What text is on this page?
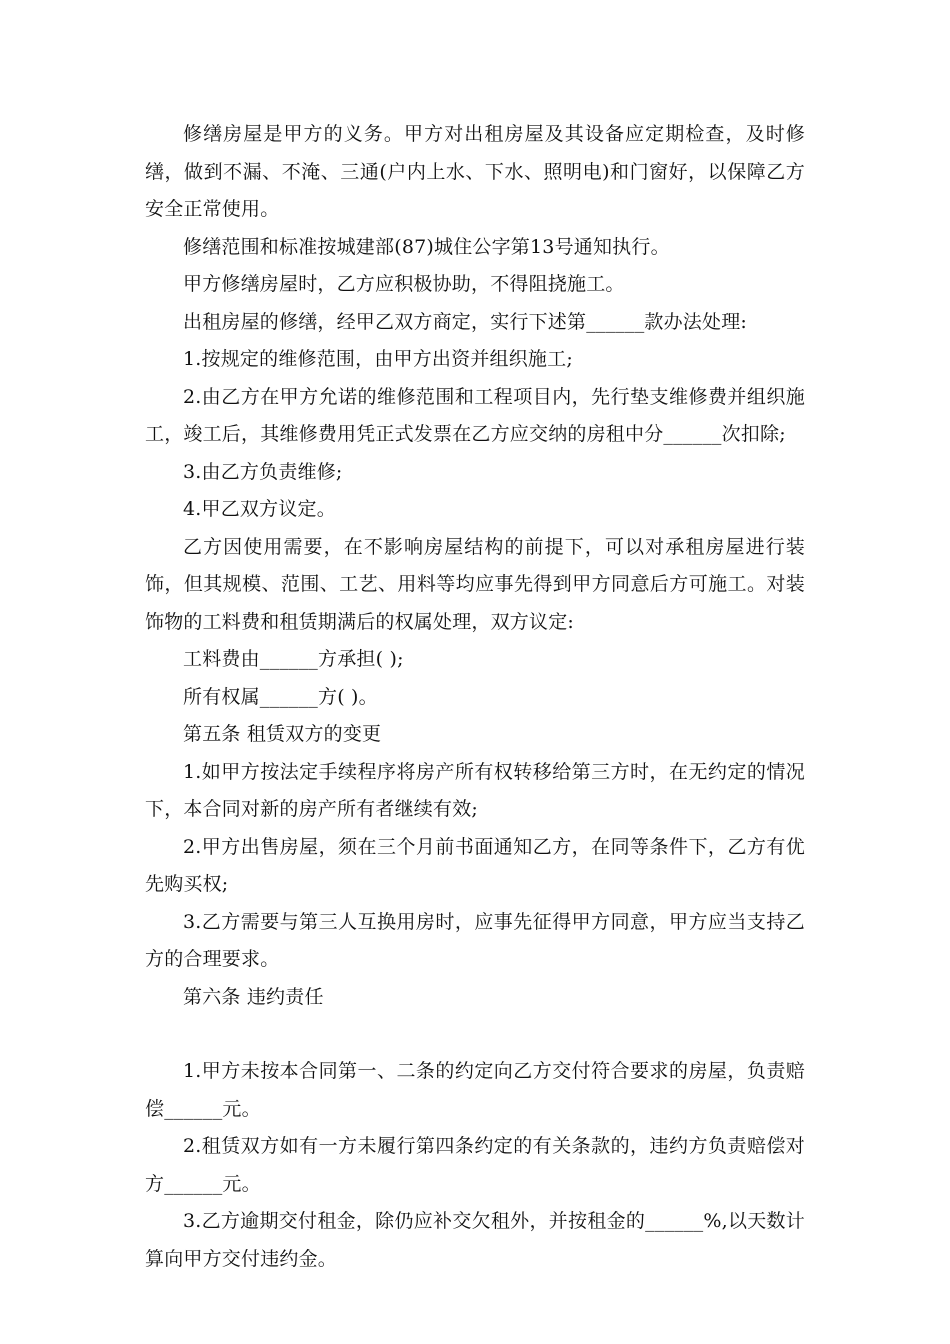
修缮房屋是甲方的义务。甲方对出租房屋及其设备应定期检查，及时修缮，做到不漏、不淹、三通(户内上水、下水、照明电)和门窗好，以保障乙方安全正常使用。

修缮范围和标准按城建部(87)城住公字第13号通知执行。

甲方修缮房屋时，乙方应积极协助，不得阻挠施工。

出租房屋的修缮，经甲乙双方商定，实行下述第______款办法处理:

1.按规定的维修范围，由甲方出资并组织施工;

2.由乙方在甲方允诺的维修范围和工程项目内，先行垫支维修费并组织施工，竣工后，其维修费用凭正式发票在乙方应交纳的房租中分______次扣除;

3.由乙方负责维修;

4.甲乙双方议定。

乙方因使用需要，在不影响房屋结构的前提下，可以对承租房屋进行装饰，但其规模、范围、工艺、用料等均应事先得到甲方同意后方可施工。对装饰物的工料费和租赁期满后的权属处理，双方议定:

工料费由______方承担( );

所有权属______方( )。

第五条 租赁双方的变更

1.如甲方按法定手续程序将房产所有权转移给第三方时，在无约定的情况下，本合同对新的房产所有者继续有效;

2.甲方出售房屋，须在三个月前书面通知乙方，在同等条件下，乙方有优先购买权;

3.乙方需要与第三人互换用房时，应事先征得甲方同意，甲方应当支持乙方的合理要求。

第六条 违约责任

1.甲方未按本合同第一、二条的约定向乙方交付符合要求的房屋，负责赔偿______元。

2.租赁双方如有一方未履行第四条约定的有关条款的，违约方负责赔偿对方______元。

3.乙方逾期交付租金，除仍应补交欠租外，并按租金的______%,以天数计算向甲方交付违约金。
